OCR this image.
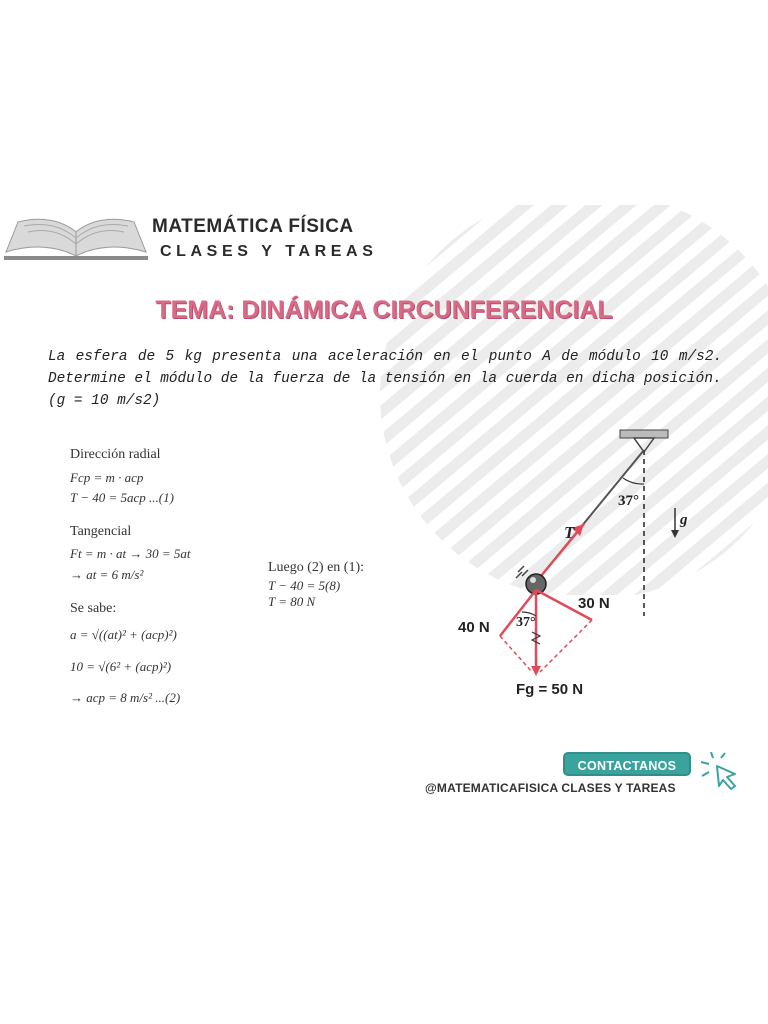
MATEMÁTICA FÍSICA
CLASES Y TAREAS
TEMA: DINÁMICA CIRCUNFERENCIAL

La esfera de 5 kg presenta una aceleración en el punto A de módulo 10 m/s2. Determine el módulo de la fuerza de la tensión en la cuerda en dicha posición.

(g = 10 m/s2)

Dirección radial
Fcp = m · acp
T − 40 = 5acp ...(1)
Tangencial
Ft = m · at → 30 = 5at
→ at = 6 m/s²
Se sabe:
a = √((at)² + (acp)²)
10 = √(6² + (acp)²)
→ acp = 8 m/s² ...(2)
Luego (2) en (1):
T − 40 = 5(8)
T = 80 N
37°
T
g
30 N
40 N 37°
Fg = 50 N
CONTACTANOS
@MATEMATICAFISICA CLASES Y TAREAS
